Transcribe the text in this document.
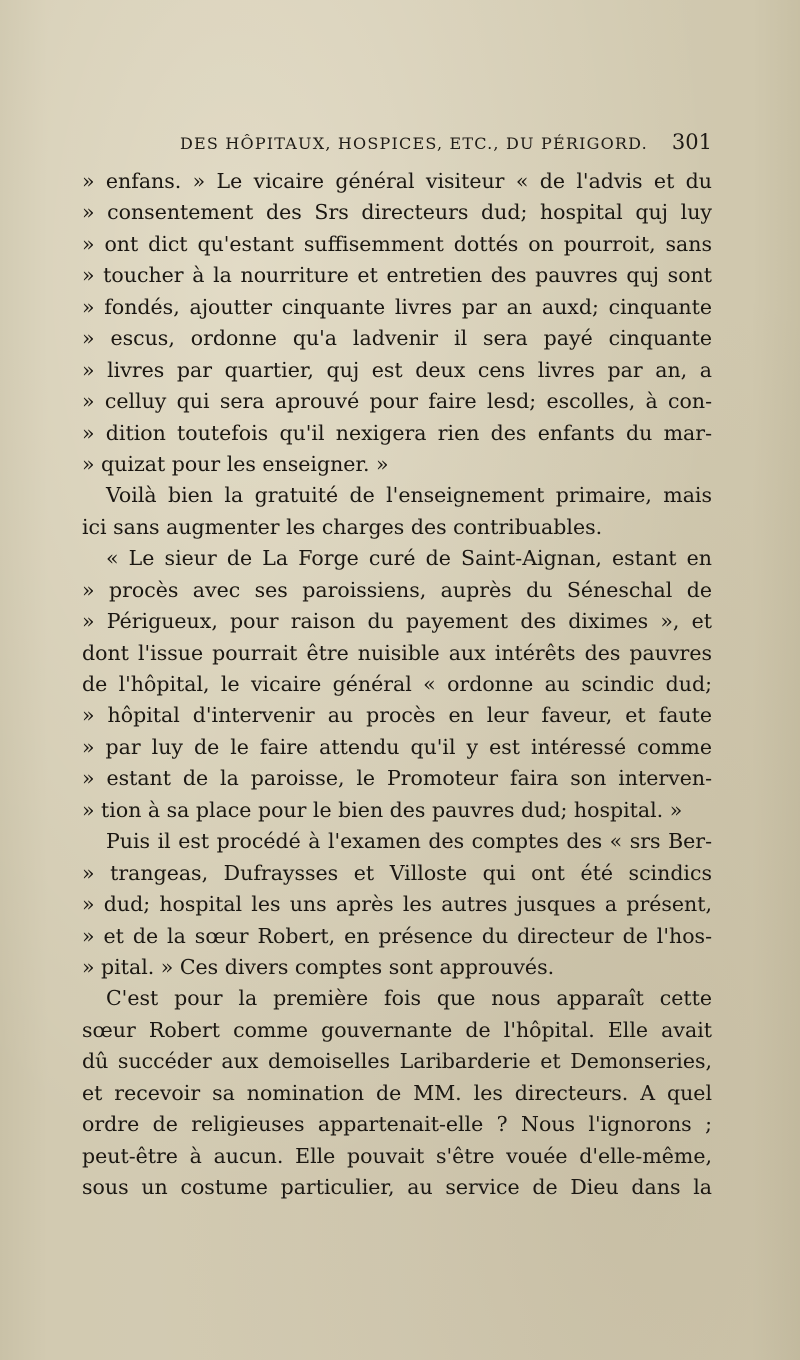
DES HÔPITAUX, HOSPICES, ETC., DU PÉRIGORD. 301
» enfans. » Le vicaire général visiteur « de l'advis et du
» consentement des Srs directeurs dud; hospital quj luy
» ont dict qu'estant suffisemment dottés on pourroit, sans
» toucher à la nourriture et entretien des pauvres quj sont
» fondés, ajoutter cinquante livres par an auxd; cinquante
» escus, ordonne qu'a ladvenir il sera payé cinquante
» livres par quartier, quj est deux cens livres par an, a
» celluy qui sera aprouvé pour faire lesd; escolles, à con-
» dition toutefois qu'il nexigera rien des enfants du mar-
» quizat pour les enseigner. »
Voilà bien la gratuité de l'enseignement primaire, mais
ici sans augmenter les charges des contribuables.
« Le sieur de La Forge curé de Saint-Aignan, estant en
» procès avec ses paroissiens, auprès du Séneschal de
» Périgueux, pour raison du payement des diximes », et
dont l'issue pourrait être nuisible aux intérêts des pauvres
de l'hôpital, le vicaire général « ordonne au scindic dud;
» hôpital d'intervenir au procès en leur faveur, et faute
» par luy de le faire attendu qu'il y est intéressé comme
» estant de la paroisse, le Promoteur faira son interven-
» tion à sa place pour le bien des pauvres dud; hospital. »
Puis il est procédé à l'examen des comptes des « srs Ber-
» trangeas, Dufraysses et Villoste qui ont été scindics
» dud; hospital les uns après les autres jusques a présent,
» et de la sœur Robert, en présence du directeur de l'hos-
» pital. » Ces divers comptes sont approuvés.
C'est pour la première fois que nous apparaît cette
sœur Robert comme gouvernante de l'hôpital. Elle avait
dû succéder aux demoiselles Laribarderie et Demonseries,
et recevoir sa nomination de MM. les directeurs. A quel
ordre de religieuses appartenait-elle ? Nous l'ignorons ;
peut-être à aucun. Elle pouvait s'être vouée d'elle-même,
sous un costume particulier, au service de Dieu dans la
